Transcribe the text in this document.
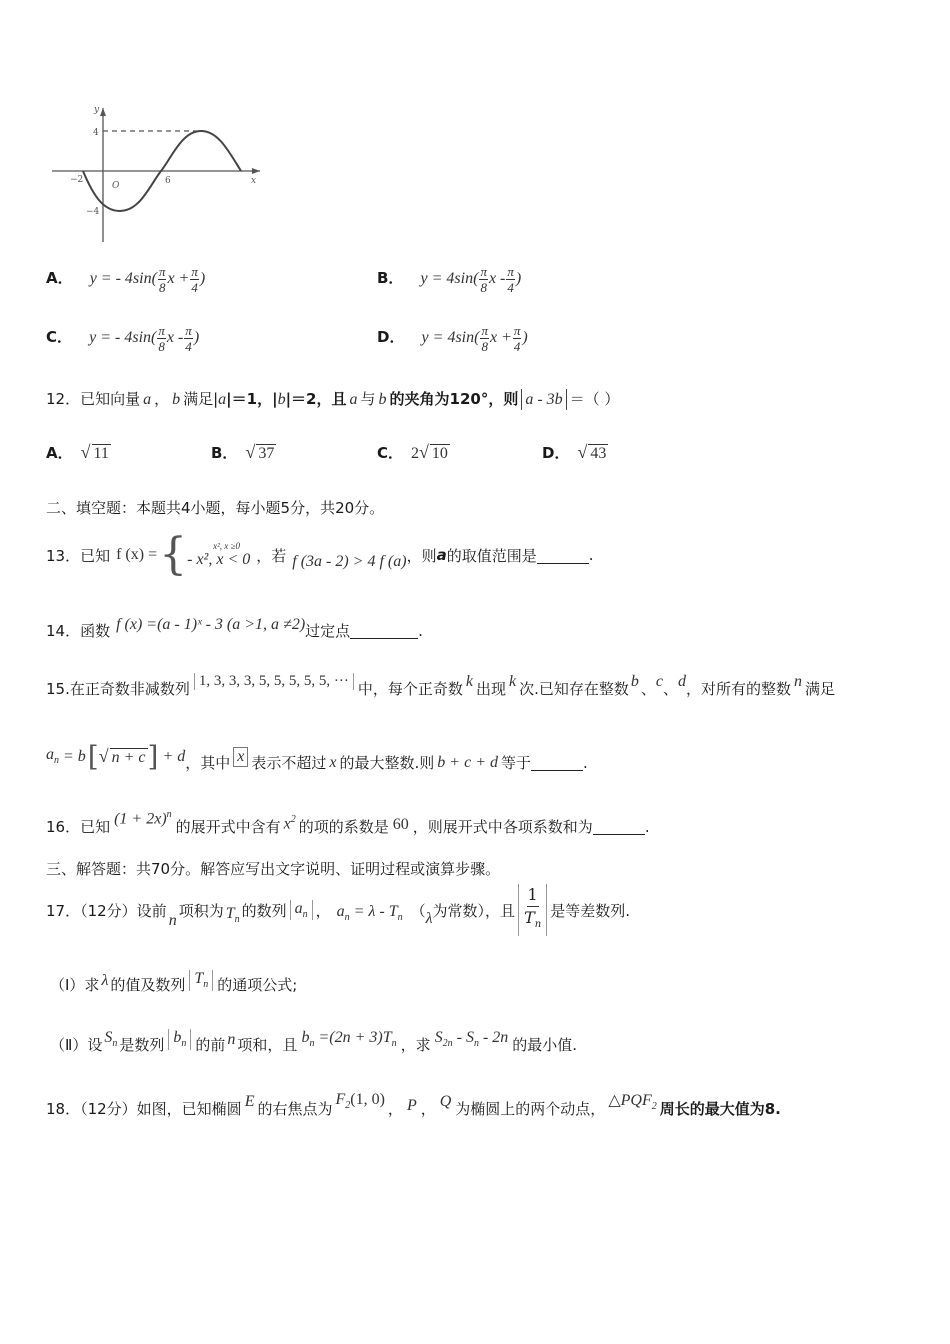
y
x
4
−4
−2	6
O
A． y = - $4\sin( \frac{\pi}{8}$ $x + \frac{\pi}{4}$ )	B． $y = 4\sin( \frac{\pi}{8}$ x - $\frac{\pi}{4}$ )
C． y = - $4\sin( \frac{\pi}{8}$ x - $\frac{\pi}{4}$ )	D． $y = 4\sin( \frac{\pi}{8}$ $x + \frac{\pi}{4}$ )
12．已知向量 a ， b 满足|a|＝1，|b|＝2，且 a 与 b 的夹角为120°，则 a - 3b ＝（ ）
A． √ 11	B． √ 37	C． 2√ 10	D． √ 43
二、填空题：本题共4小题，每小题5分，共20分。
13．已知 f (x) = {	x², x ≥0
- x², x < 0 ，若 f (3a - 2) > 4 f (a) ，则 a 的取值范围是	.
14．函数 f (x) =(a - 1)ˣ - 3 (a >1, a ≠2) 过定点	.
15.在正奇数非减数列 1, 3, 3, 3, 5, 5, 5, 5, 5, ··· 中，每个正奇数 k 出现 k 次.已知存在整数 b 、 c 、 d ，对所有的整数 n 满足
$a_n = b$ [ √ n + c ] + d ，其中 x 表示不超过 x 的最大整数.则 b + c + d 等于	.
16．已知 $(1 + 2x)^n$
的展开式中含有 $x^2$ 的项的系数是 60 ，则展开式中各项系数和为	.
三、解答题：共70分。解答应写出文字说明、证明过程或演算步骤。
17．（12分）设前
n
项积为 $T_n$
的数列 $a_n$ ， $a_n = \lambda - T_n$ （ λ 为常数），且 $\frac{1}{T_n}$ 是等差数列.
（Ⅰ）求 λ 的值及数列 $T_n$ 的通项公式;
（Ⅱ）设 $S_n$ 是数列 $b_n$ 的前 n 项和，且 $b_n =(2n + 3)T_n$ ，求 $S_{2n} - S_n - 2n$ 的最小值.
18．（12分）如图，已知椭圆 E 的右焦点为
$F_2(1$, 0)
， P ， Q 为椭圆上的两个动点， $\triangle PQF_2$ 周长的最大值为8.
